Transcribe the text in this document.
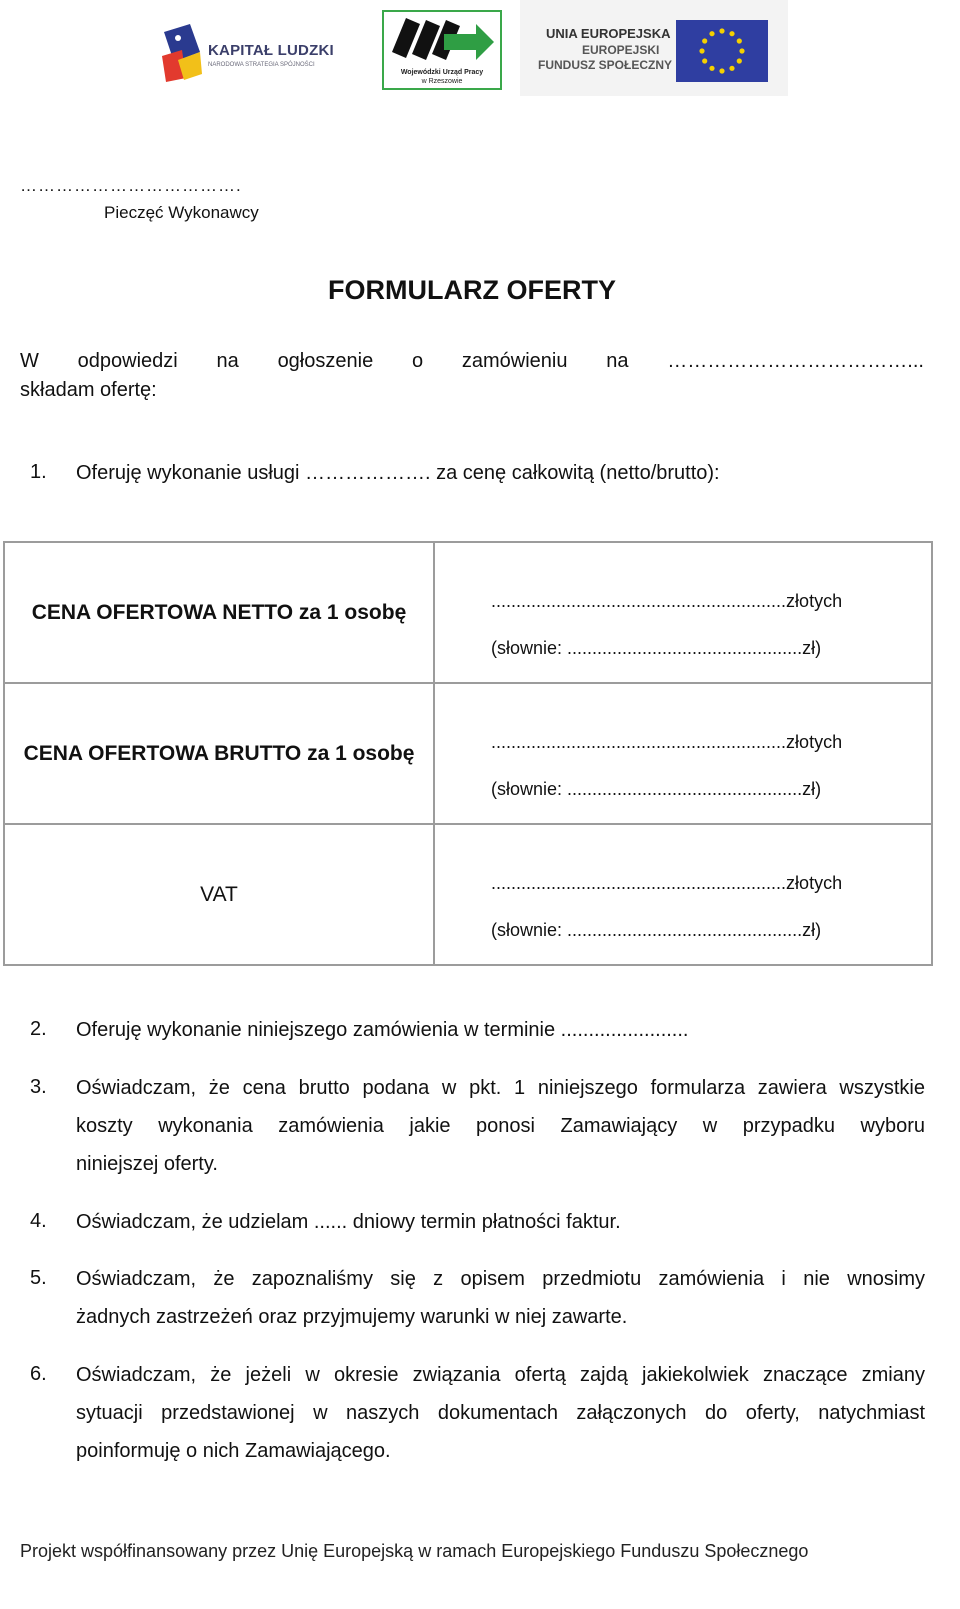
KAPITAŁ LUDZKI
NARODOWA STRATEGIA SPÓJNOŚCI
Wojewódzki Urząd Pracy
w Rzeszowie
UNIA EUROPEJSKA
EUROPEJSKI
FUNDUSZ SPOŁECZNY
……………………………….
Pieczęć Wykonawcy
FORMULARZ OFERTY
W odpowiedzi na ogłoszenie o zamówieniu na ………………………………...
składam ofertę:
1. Oferuję wykonanie usługi ………………. za cenę całkowitą (netto/brutto):
CENA OFERTOWA NETTO za 1 osobę	...........................................................złotych
(słownie: ...............................................zł)

CENA OFERTOWA BRUTTO za 1 osobę	...........................................................złotych
(słownie: ...............................................zł)

VAT	...........................................................złotych
(słownie: ...............................................zł)
2. Oferuję wykonanie niniejszego zamówienia w terminie .......................
3. Oświadczam, że cena brutto podana w pkt. 1 niniejszego formularza zawiera wszystkie
koszty wykonania zamówienia jakie ponosi Zamawiający w przypadku wyboru
niniejszej oferty.
4. Oświadczam, że udzielam ...... dniowy termin płatności faktur.
5. Oświadczam, że zapoznaliśmy się z opisem przedmiotu zamówienia i nie wnosimy
żadnych zastrzeżeń oraz przyjmujemy warunki w niej zawarte.
6. Oświadczam, że jeżeli w okresie związania ofertą zajdą jakiekolwiek znaczące zmiany
sytuacji przedstawionej w naszych dokumentach załączonych do oferty, natychmiast
poinformuję o nich Zamawiającego.
Projekt współfinansowany przez Unię Europejską w ramach Europejskiego Funduszu Społecznego
